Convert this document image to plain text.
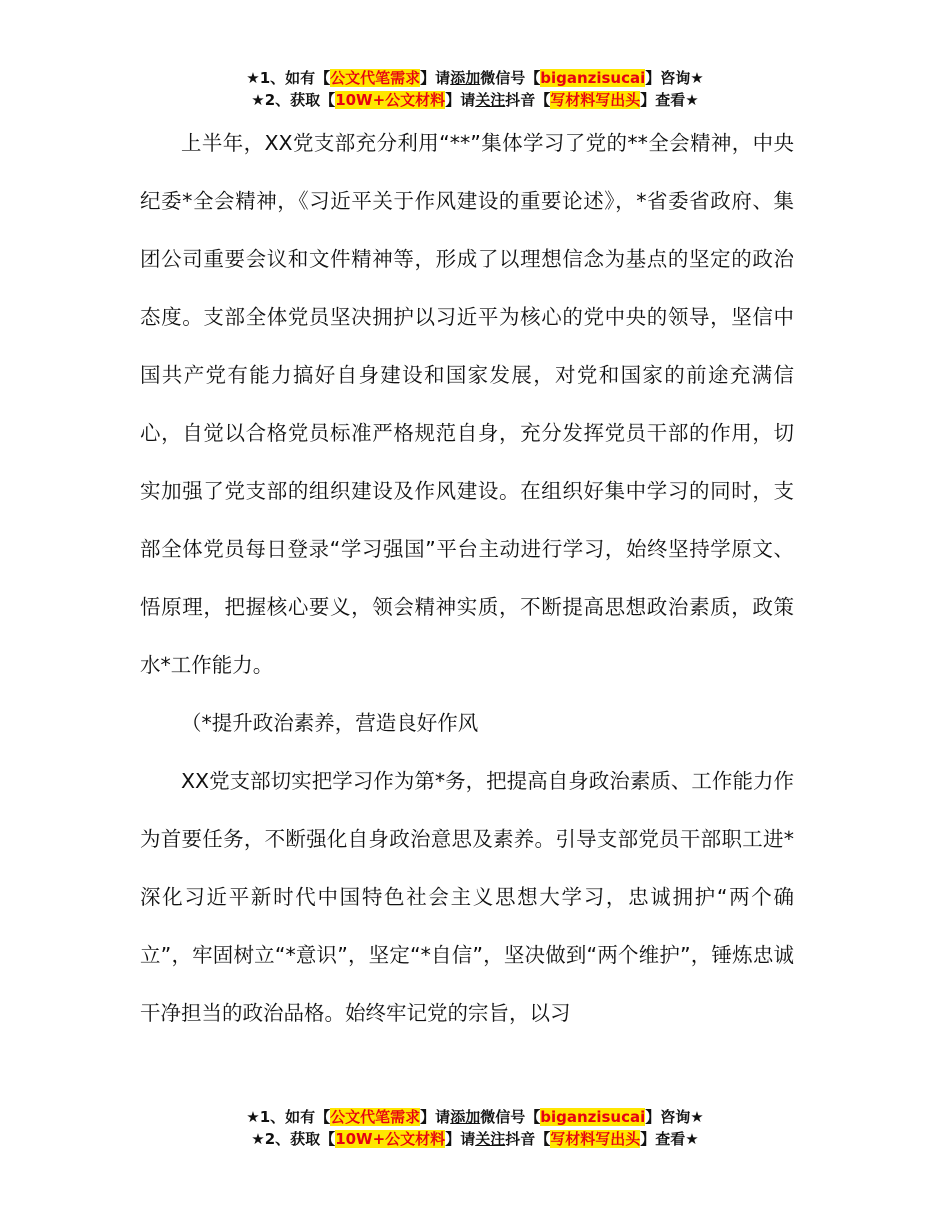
★1、如有【公文代笔需求】请添加微信号【biganzisucai】咨询★
★2、获取【10W+公文材料】请关注抖音【写材料写出头】查看★

上半年，XX党支部充分利用“**”集体学习了党的**全会精神，中央纪委*全会精神，《习近平关于作风建设的重要论述》，*省委省政府、集团公司重要会议和文件精神等，形成了以理想信念为基点的坚定的政治态度。支部全体党员坚决拥护以习近平为核心的党中央的领导，坚信中国共产党有能力搞好自身建设和国家发展，对党和国家的前途充满信心，自觉以合格党员标准严格规范自身，充分发挥党员干部的作用，切实加强了党支部的组织建设及作风建设。在组织好集中学习的同时，支部全体党员每日登录“学习强国”平台主动进行学习，始终坚持学原文、悟原理，把握核心要义，领会精神实质，不断提高思想政治素质，政策水*工作能力。

（*提升政治素养，营造良好作风

XX党支部切实把学习作为第*务，把提高自身政治素质、工作能力作为首要任务，不断强化自身政治意思及素养。引导支部党员干部职工进*深化习近平新时代中国特色社会主义思想大学习，忠诚拥护“两个确立”，牢固树立“*意识”，坚定“*自信”，坚决做到“两个维护”，锤炼忠诚干净担当的政治品格。始终牢记党的宗旨，以习

★1、如有【公文代笔需求】请添加微信号【biganzisucai】咨询★
★2、获取【10W+公文材料】请关注抖音【写材料写出头】查看★
